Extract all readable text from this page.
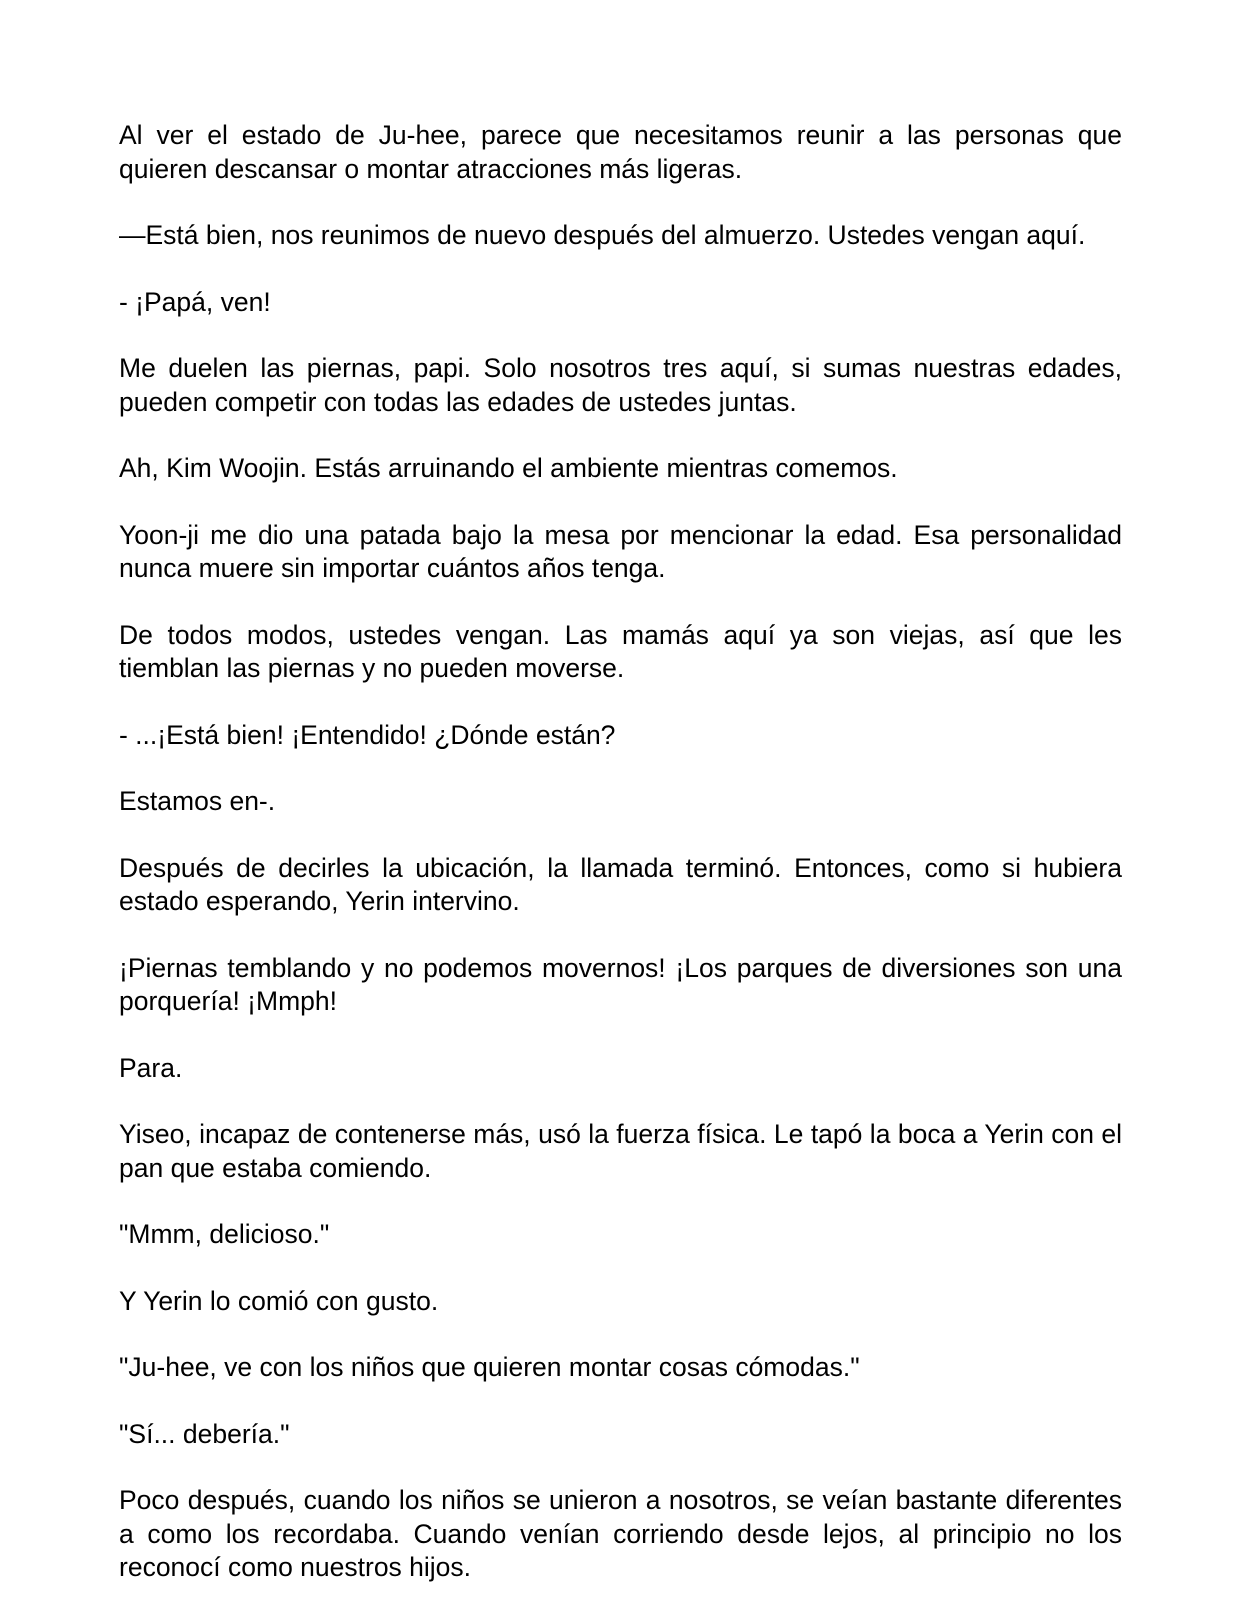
Al ver el estado de Ju-hee, parece que necesitamos reunir a las personas que quieren descansar o montar atracciones más ligeras.

—Está bien, nos reunimos de nuevo después del almuerzo. Ustedes vengan aquí.

- ¡Papá, ven!

Me duelen las piernas, papi. Solo nosotros tres aquí, si sumas nuestras edades, pueden competir con todas las edades de ustedes juntas.

Ah, Kim Woojin. Estás arruinando el ambiente mientras comemos.

Yoon-ji me dio una patada bajo la mesa por mencionar la edad. Esa personalidad nunca muere sin importar cuántos años tenga.

De todos modos, ustedes vengan. Las mamás aquí ya son viejas, así que les tiemblan las piernas y no pueden moverse.

- ...¡Está bien! ¡Entendido! ¿Dónde están?

Estamos en-.

Después de decirles la ubicación, la llamada terminó. Entonces, como si hubiera estado esperando, Yerin intervino.

¡Piernas temblando y no podemos movernos! ¡Los parques de diversiones son una porquería! ¡Mmph!

Para.

Yiseo, incapaz de contenerse más, usó la fuerza física. Le tapó la boca a Yerin con el pan que estaba comiendo.

"Mmm, delicioso."

Y Yerin lo comió con gusto.

"Ju-hee, ve con los niños que quieren montar cosas cómodas."

"Sí... debería."

Poco después, cuando los niños se unieron a nosotros, se veían bastante diferentes a como los recordaba. Cuando venían corriendo desde lejos, al principio no los reconocí como nuestros hijos.
